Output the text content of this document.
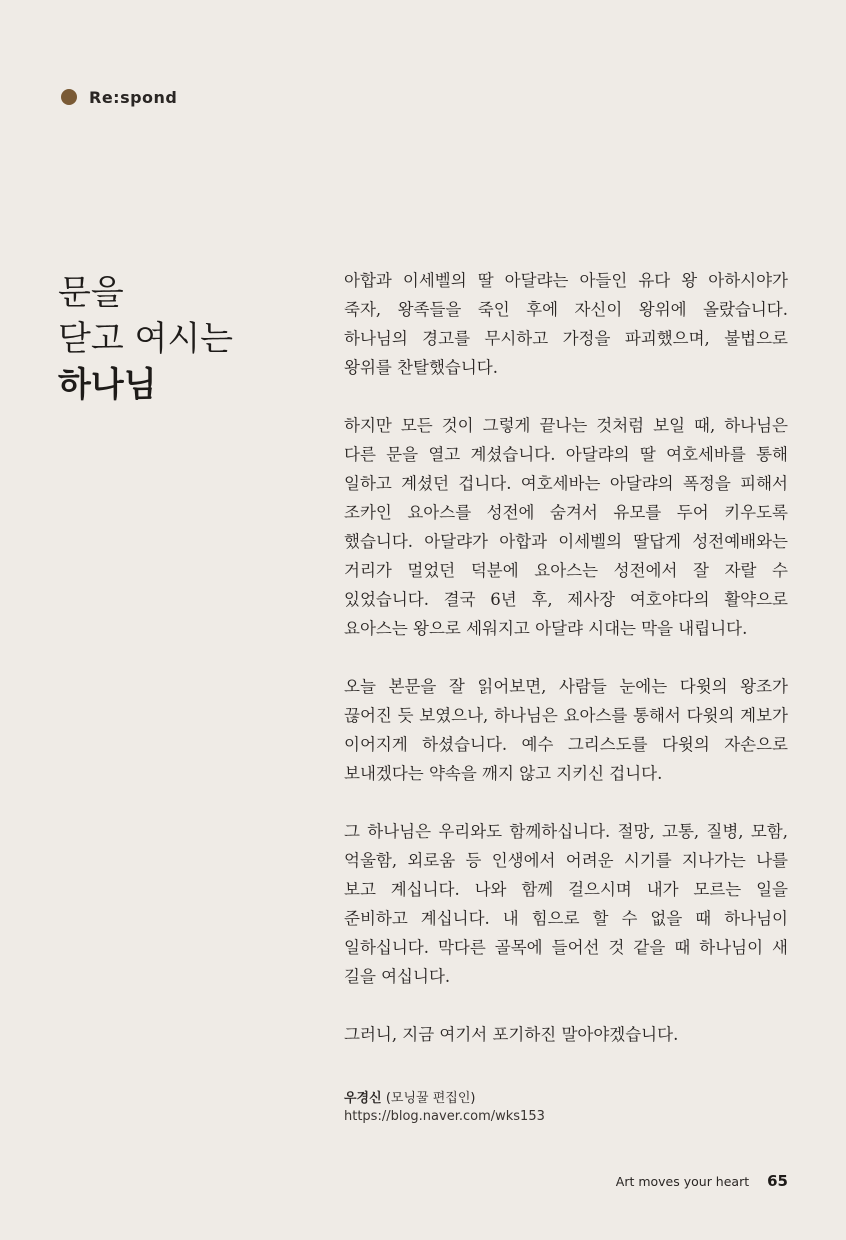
Re:spond
문을
닫고 여시는
하나님

아합과 이세벨의 딸 아달랴는 아들인 유다 왕 아하시야가 죽자, 왕족들을 죽인 후에 자신이 왕위에 올랐습니다. 하나님의 경고를 무시하고 가정을 파괴했으며, 불법으로 왕위를 찬탈했습니다.

하지만 모든 것이 그렇게 끝나는 것처럼 보일 때, 하나님은 다른 문을 열고 계셨습니다. 아달랴의 딸 여호세바를 통해 일하고 계셨던 겁니다. 여호세바는 아달랴의 폭정을 피해서 조카인 요아스를 성전에 숨겨서 유모를 두어 키우도록 했습니다. 아달랴가 아합과 이세벨의 딸답게 성전예배와는 거리가 멀었던 덕분에 요아스는 성전에서 잘 자랄 수 있었습니다. 결국 6년 후, 제사장 여호야다의 활약으로 요아스는 왕으로 세워지고 아달랴 시대는 막을 내립니다.

오늘 본문을 잘 읽어보면, 사람들 눈에는 다윗의 왕조가 끊어진 듯 보였으나, 하나님은 요아스를 통해서 다윗의 계보가 이어지게 하셨습니다. 예수 그리스도를 다윗의 자손으로 보내겠다는 약속을 깨지 않고 지키신 겁니다.

그 하나님은 우리와도 함께하십니다. 절망, 고통, 질병, 모함, 억울함, 외로움 등 인생에서 어려운 시기를 지나가는 나를 보고 계십니다. 나와 함께 걸으시며 내가 모르는 일을 준비하고 계십니다. 내 힘으로 할 수 없을 때 하나님이 일하십니다. 막다른 골목에 들어선 것 같을 때 하나님이 새 길을 여십니다.

그러니, 지금 여기서 포기하진 말아야겠습니다.

우경신 (모닝꿀 편집인)
https://blog.naver.com/wks153
Art moves your heart 65
